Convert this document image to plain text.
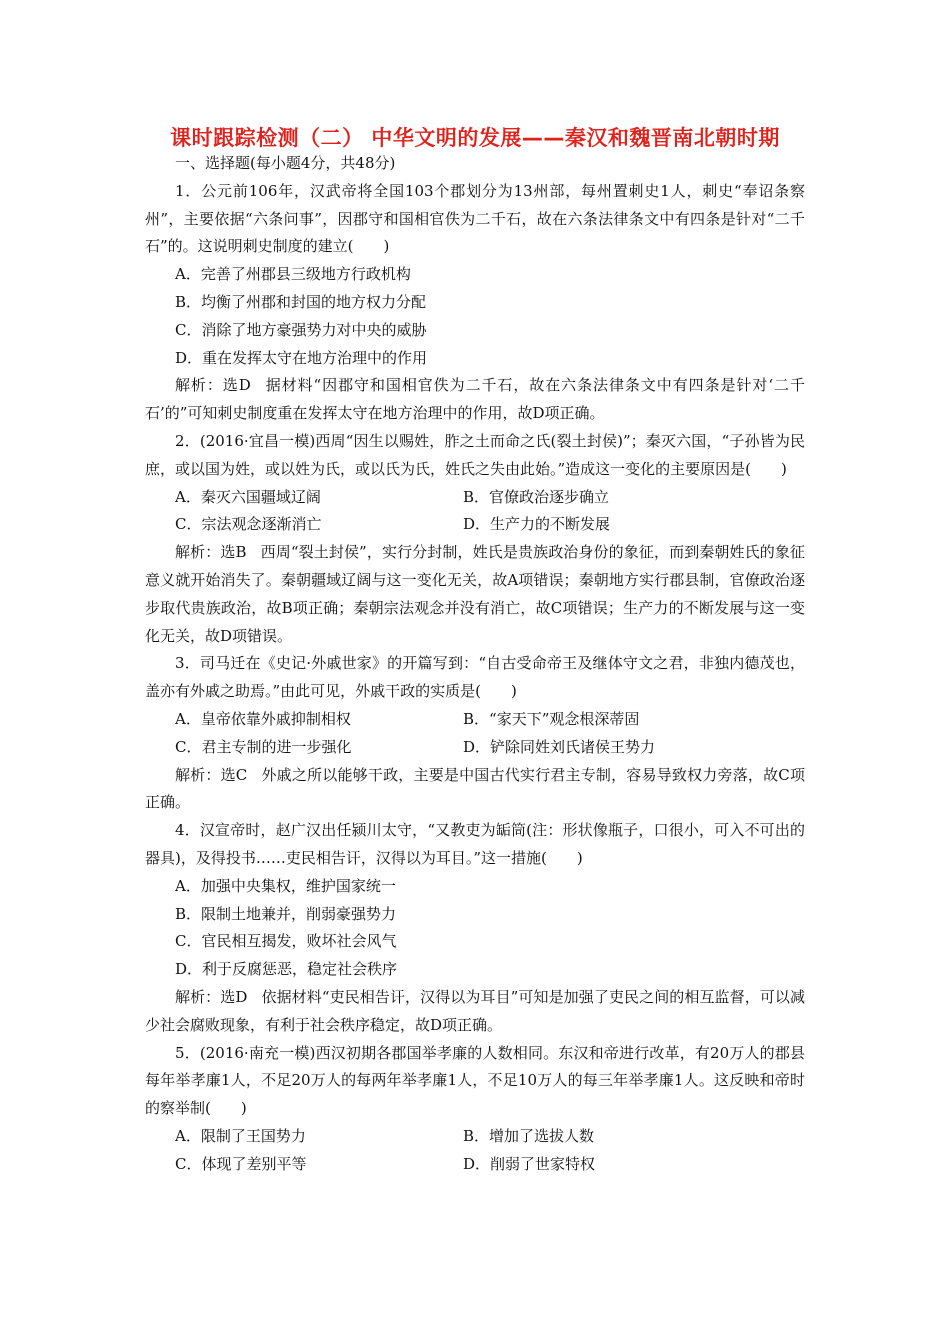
课时跟踪检测（二） 中华文明的发展——秦汉和魏晋南北朝时期

一、选择题(每小题4分，共48分)

1．公元前106年，汉武帝将全国103个郡划分为13州部，每州置刺史1人，刺史“奉诏条察州”，主要依据“六条问事”，因郡守和国相官佚为二千石，故在六条法律条文中有四条是针对“二千石”的。这说明刺史制度的建立(　　)

A．完善了州郡县三级地方行政机构

B．均衡了州郡和封国的地方权力分配

C．消除了地方豪强势力对中央的威胁

D．重在发挥太守在地方治理中的作用

解析：选D 据材料“因郡守和国相官佚为二千石，故在六条法律条文中有四条是针对‘二千石’的”可知刺史制度重在发挥太守在地方治理中的作用，故D项正确。

2．(2016·宜昌一模)西周“因生以赐姓，胙之土而命之氏(裂土封侯)”；秦灭六国，“子孙皆为民庶，或以国为姓，或以姓为氏，或以氏为氏，姓氏之失由此始。”造成这一变化的主要原因是(　　)

A．秦灭六国疆域辽阔	B．官僚政治逐步确立
C．宗法观念逐渐消亡	D．生产力的不断发展

解析：选B 西周“裂土封侯”，实行分封制，姓氏是贵族政治身份的象征，而到秦朝姓氏的象征意义就开始消失了。秦朝疆域辽阔与这一变化无关，故A项错误；秦朝地方实行郡县制，官僚政治逐步取代贵族政治，故B项正确；秦朝宗法观念并没有消亡，故C项错误；生产力的不断发展与这一变化无关，故D项错误。

3．司马迁在《史记·外戚世家》的开篇写到：“自古受命帝王及继体守文之君，非独内德茂也，盖亦有外戚之助焉。”由此可见，外戚干政的实质是(　　)

A．皇帝依靠外戚抑制相权	B．“家天下”观念根深蒂固
C．君主专制的进一步强化	D．铲除同姓刘氏诸侯王势力

解析：选C 外戚之所以能够干政，主要是中国古代实行君主专制，容易导致权力旁落，故C项正确。

4．汉宣帝时，赵广汉出任颍川太守，“又教吏为缿筒(注：形状像瓶子，口很小，可入不可出的器具)，及得投书……吏民相告讦，汉得以为耳目。”这一措施(　　)

A．加强中央集权，维护国家统一

B．限制土地兼并，削弱豪强势力

C．官民相互揭发，败坏社会风气

D．利于反腐惩恶，稳定社会秩序

解析：选D 依据材料“吏民相告讦，汉得以为耳目”可知是加强了吏民之间的相互监督，可以减少社会腐败现象，有利于社会秩序稳定，故D项正确。

5．(2016·南充一模)西汉初期各郡国举孝廉的人数相同。东汉和帝进行改革，有20万人的郡县每年举孝廉1人，不足20万人的每两年举孝廉1人，不足10万人的每三年举孝廉1人。这反映和帝时的察举制(　　)

A．限制了王国势力	B．增加了选拔人数
C．体现了差别平等	D．削弱了世家特权
